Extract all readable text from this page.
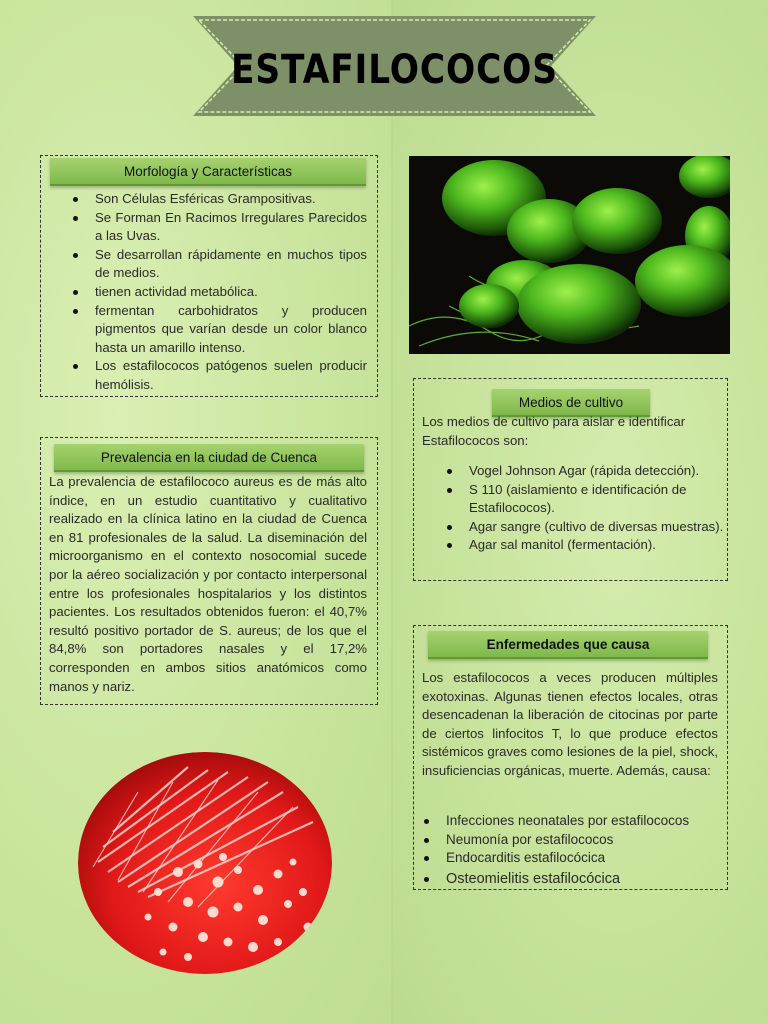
ESTAFILOCOCOS
Morfología y Características
Son Células Esféricas Grampositivas.
Se Forman En Racimos Irregulares Parecidos a las Uvas.
Se desarrollan rápidamente en muchos tipos de medios.
tienen actividad metabólica.
fermentan carbohidratos y producen pigmentos que varían desde un color blanco hasta un amarillo intenso.
Los estafilococos patógenos suelen producir hemólisis.
Prevalencia en la ciudad de Cuenca

La prevalencia de estafilococo aureus es de más alto índice, en un estudio cuantitativo y cualitativo realizado en la clínica latino en la ciudad de Cuenca en 81 profesionales de la salud. La diseminación del microorganismo en el contexto nosocomial sucede por la aéreo socialización y por contacto interpersonal entre los profesionales hospitalarios y los distintos pacientes. Los resultados obtenidos fueron: el 40,7% resultó positivo portador de S. aureus; de los que el 84,8% son portadores nasales y el 17,2% corresponden en ambos sitios anatómicos como manos y nariz.

Medios de cultivo

Los medios de cultivo para aislar e identificar Estafilococos son:

Vogel Johnson Agar (rápida detección).
S 110 (aislamiento e identificación de Estafilococos).
Agar sangre (cultivo de diversas muestras).
Agar sal manitol (fermentación).
Enfermedades que causa

Los estafilococos a veces producen múltiples exotoxinas. Algunas tienen efectos locales, otras desencadenan la liberación de citocinas por parte de ciertos linfocitos T, lo que produce efectos sistémicos graves como lesiones de la piel, shock, insuficiencias orgánicas, muerte. Además, causa:

Infecciones neonatales por estafilococos
Neumonía por estafilococos
Endocarditis estafilocócica
Osteomielitis estafilocócica
